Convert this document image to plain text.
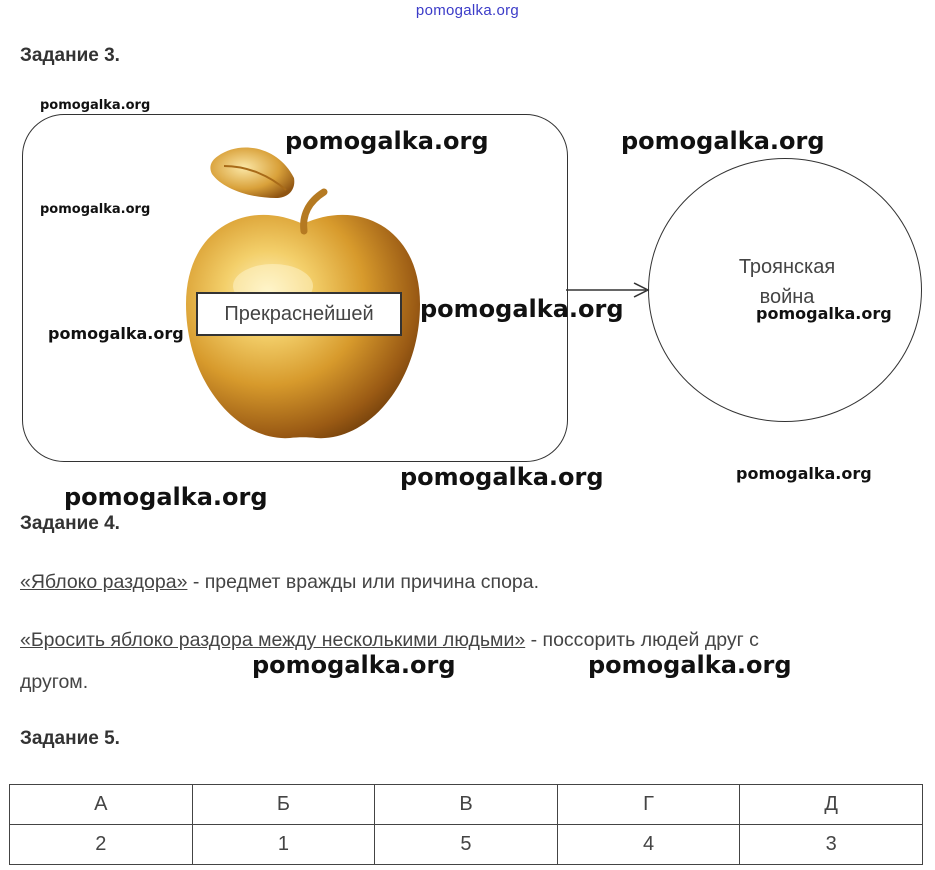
pomogalka.org
Задание 3.
Прекраснейшей
Троянская война
Задание 4.
«Яблоко раздора» - предмет вражды или причина спора.
«Бросить яблоко раздора между несколькими людьми» - поссорить людей друг с
другом.
Задание 5.
А	Б	В	Г	Д
2	1	5	4	3
pomogalka.org
pomogalka.org	pomogalka.org
pomogalka.org
pomogalka.org
pomogalka.org
pomogalka.org
pomogalka.org	pomogalka.org
pomogalka.org
pomogalka.org	pomogalka.org
